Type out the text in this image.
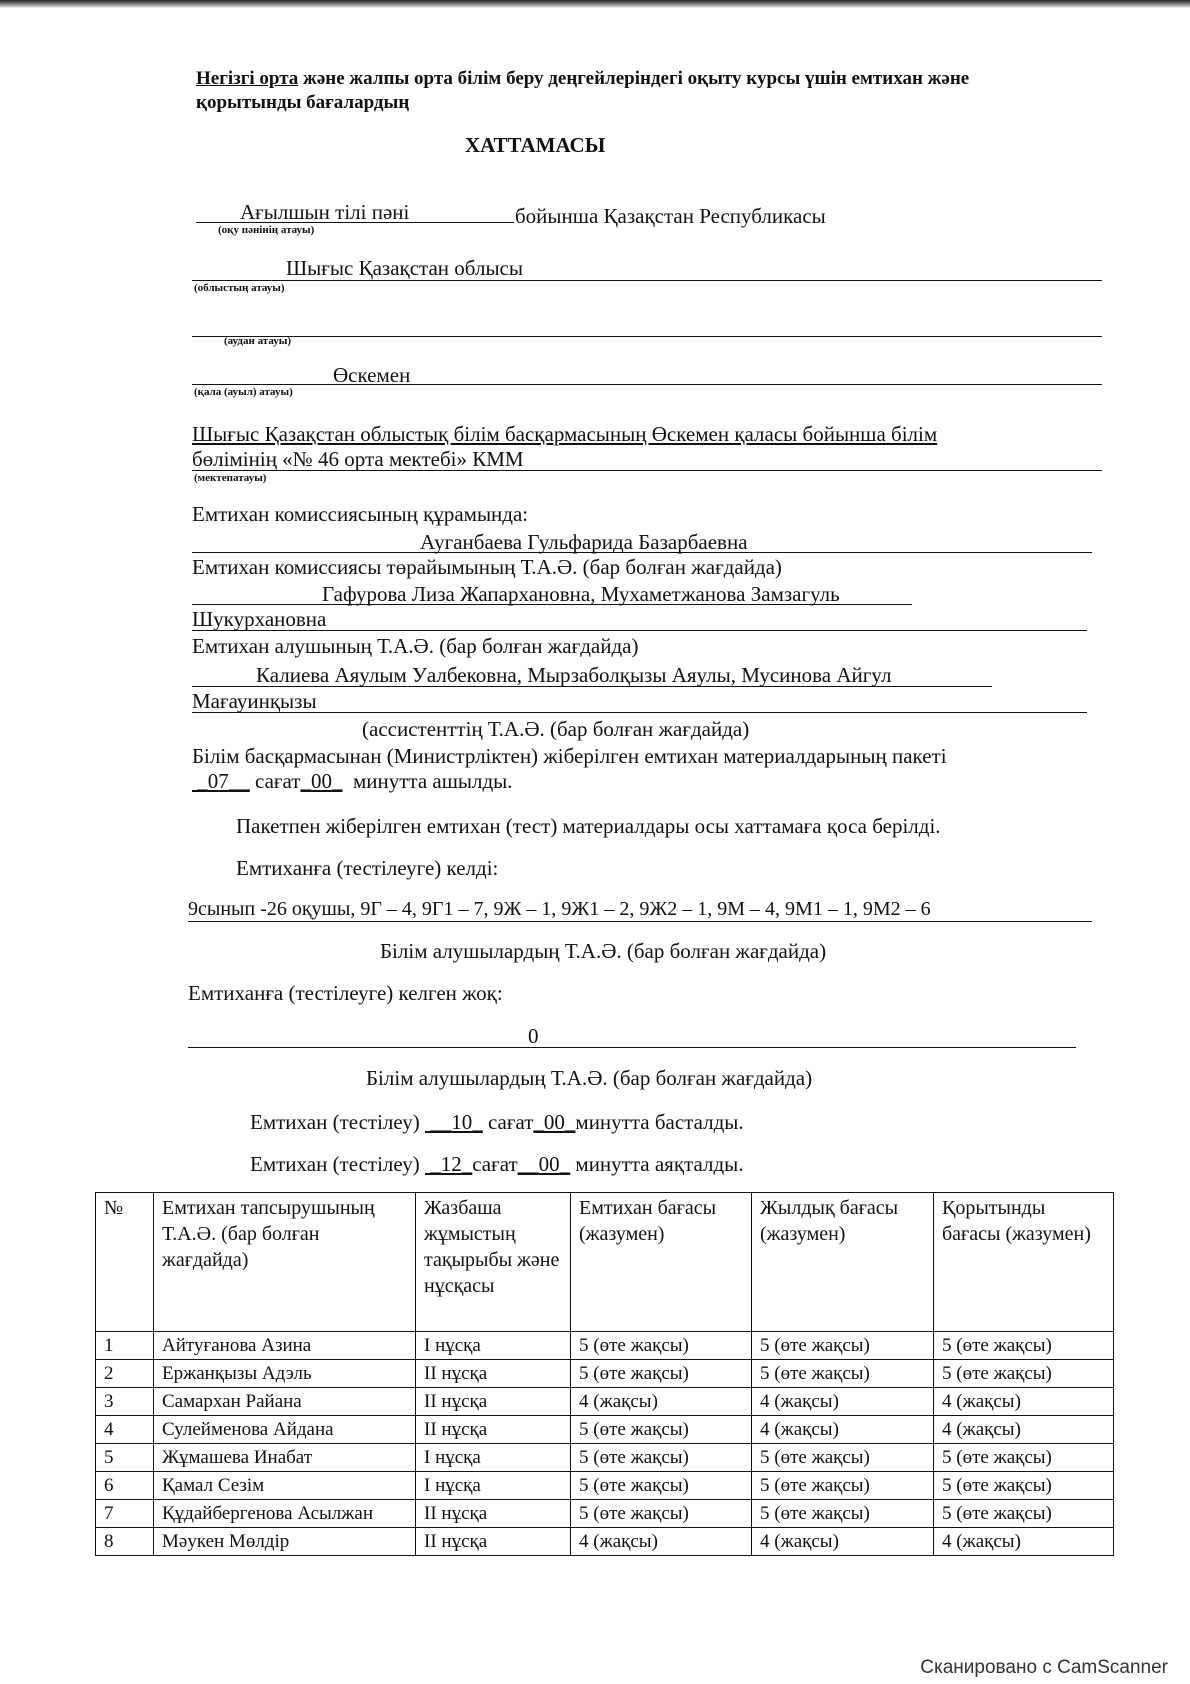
Негізгі орта және жалпы орта білім беру деңгейлеріндегі оқыту курсы үшін емтихан және
қорытынды бағалардың
ХАТТАМАСЫ
Ағылшын тілі пәні	бойынша Қазақстан Республикасы
(оқу пәнінің атауы)
Шығыс Қазақстан облысы
(облыстың атауы)
(аудан атауы)
Өскемен
(қала (ауыл) атауы)
Шығыс Қазақстан облыстық білім басқармасының Өскемен қаласы бойынша білім
бөлімінің «№ 46 орта мектебі» КММ
(мектепатауы)
Емтихан комиссиясының құрамында:
Ауганбаева Гульфарида Базарбаевна
Емтихан комиссиясы төрайымының Т.А.Ә. (бар болған жағдайда)
Гафурова Лиза Жапархановна, Мухаметжанова Замзагуль
Шукурхановна
Емтихан алушының Т.А.Ә. (бар болған жағдайда)
Калиева Аяулым Уалбековна, Мырзаболқызы Аяулы, Мусинова Айгул
Мағауинқызы
(ассистенттің Т.А.Ә. (бар болған жағдайда)
Білім басқармасынан (Министрліктен) жіберілген емтихан материалдарының пакеті
_07__ сағат_00_ минутта ашылды.
Пакетпен жіберілген емтихан (тест) материалдары осы хаттамаға қоса берілді.
Емтиханға (тестілеуге) келді:
9сынып -26 оқушы, 9Г – 4, 9Г1 – 7, 9Ж – 1, 9Ж1 – 2, 9Ж2 – 1, 9М – 4, 9М1 – 1, 9М2 – 6
Білім алушылардың Т.А.Ә. (бар болған жағдайда)
Емтиханға (тестілеуге) келген жоқ:
0
Білім алушылардың Т.А.Ә. (бар болған жағдайда)
Емтихан (тестілеу)  __10_ сағат_00_минутта басталды.
Емтихан (тестілеу)  _12_сағат__00_ минутта аяқталды.
№	Емтихан тапсырушының Т.А.Ә. (бар болған жағдайда)	Жазбаша жұмыстың тақырыбы және нұсқасы	Емтихан бағасы (жазумен)	Жылдық бағасы (жазумен)	Қорытынды бағасы (жазумен)
1	Айтуғанова Азина	I нұсқа	5 (өте жақсы)	5 (өте жақсы)	5 (өте жақсы)
2	Ержанқызы Адэль	II нұсқа	5 (өте жақсы)	5 (өте жақсы)	5 (өте жақсы)
3	Самархан Райана	II нұсқа	4 (жақсы)	4 (жақсы)	4 (жақсы)
4	Сулейменова Айдана	II нұсқа	5 (өте жақсы)	4 (жақсы)	4 (жақсы)
5	Жұмашева Инабат	I нұсқа	5 (өте жақсы)	5 (өте жақсы)	5 (өте жақсы)
6	Қамал Сезім	I нұсқа	5 (өте жақсы)	5 (өте жақсы)	5 (өте жақсы)
7	Құдайбергенова Асылжан	II нұсқа	5 (өте жақсы)	5 (өте жақсы)	5 (өте жақсы)
8	Мәукен Мөлдір	II нұсқа	4 (жақсы)	4 (жақсы)	4 (жақсы)
Сканировано с CamScanner
